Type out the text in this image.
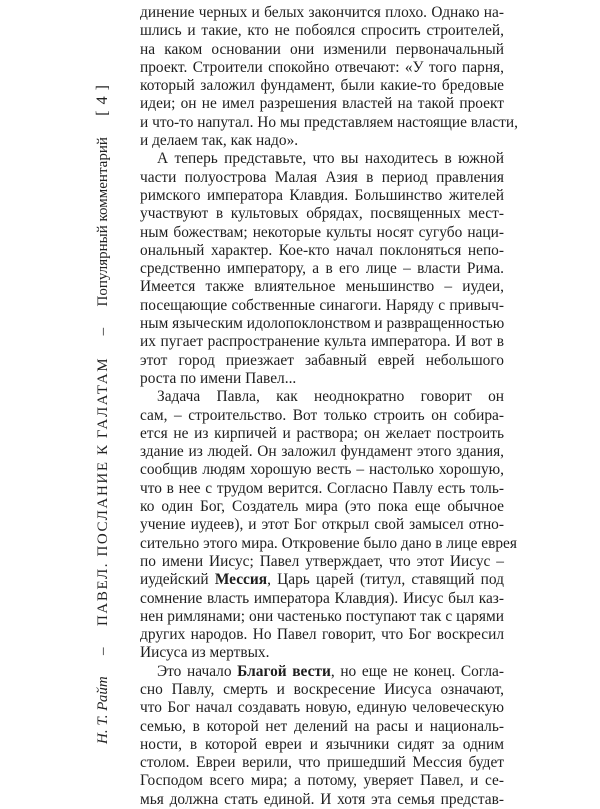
Н. Т. Райт
–
ПАВЕЛ. ПОСЛАНИЕ К ГАЛАТАМ
–
Популярный комментарий
[ 4 ]

динение черных и белых закончится плохо. Однако на-
шлись и такие, кто не побоялся спросить строителей,
на каком основании они изменили первоначальный
проект. Строители спокойно отвечают: «У того парня,
который заложил фундамент, были какие-то бредовые
идеи; он не имел разрешения властей на такой проект
и что-то напутал. Но мы представляем настоящие власти,
и делаем так, как надо».

А теперь представьте, что вы находитесь в южной
части полуострова Малая Азия в период правления
римского императора Клавдия. Большинство жителей
участвуют в культовых обрядах, посвященных мест-
ным божествам; некоторые культы носят сугубо наци-
ональный характер. Кое-кто начал поклоняться непо-
средственно императору, а в его лице – власти Рима.
Имеется также влиятельное меньшинство – иудеи,
посещающие собственные синагоги. Наряду с привыч-
ным языческим идолопоклонством и развращенностью
их пугает распространение культа императора. И вот в
этот город приезжает забавный еврей небольшого
роста по имени Павел...

Задача Павла, как неоднократно говорит он
сам, – строительство. Вот только строить он собира-
ется не из кирпичей и раствора; он желает построить
здание из людей. Он заложил фундамент этого здания,
сообщив людям хорошую весть – настолько хорошую,
что в нее с трудом верится. Согласно Павлу есть толь-
ко один Бог, Создатель мира (это пока еще обычное
учение иудеев), и этот Бог открыл свой замысел отно-
сительно этого мира. Откровение было дано в лице еврея
по имени Иисус; Павел утверждает, что этот Иисус –
иудейский Мессия, Царь царей (титул, ставящий под
сомнение власть императора Клавдия). Иисус был каз-
нен римлянами; они частенько поступают так с царями
других народов. Но Павел говорит, что Бог воскресил
Иисуса из мертвых.

Это начало Благой вести, но еще не конец. Согла-
сно Павлу, смерть и воскресение Иисуса означают,
что Бог начал создавать новую, единую человеческую
семью, в которой нет делений на расы и националь-
ности, в которой евреи и язычники сидят за одним
столом. Евреи верили, что пришедший Мессия будет
Господом всего мира; а потому, уверяет Павел, и се-
мья должна стать единой. И хотя эта семья представ-
